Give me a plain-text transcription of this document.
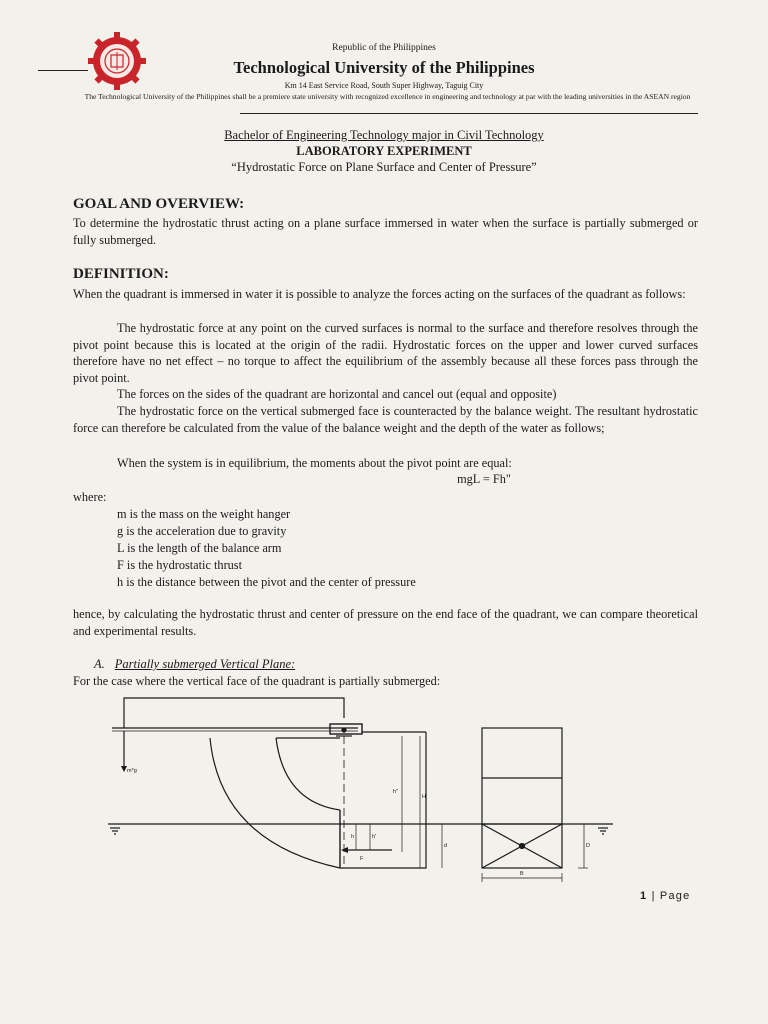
Republic of the Philippines
Technological University of the Philippines
Km 14 East Service Road, South Super Highway, Taguig City
The Technological University of the Philippines shall be a premiere state university with recognized excellence in engineering and technology at par with the leading universities in the ASEAN region
Bachelor of Engineering Technology major in Civil Technology
LABORATORY EXPERIMENT
“Hydrostatic Force on Plane Surface and Center of Pressure”
GOAL AND OVERVIEW:
To determine the hydrostatic thrust acting on a plane surface immersed in water when the surface is partially submerged or fully submerged.
DEFINITION:
When the quadrant is immersed in water it is possible to analyze the forces acting on the surfaces of the quadrant as follows:
The hydrostatic force at any point on the curved surfaces is normal to the surface and therefore resolves through the pivot point because this is located at the origin of the radii. Hydrostatic forces on the upper and lower curved surfaces therefore have no net effect – no torque to affect the equilibrium of the assembly because all these forces pass through the pivot point.
The forces on the sides of the quadrant are horizontal and cancel out (equal and opposite)
The hydrostatic force on the vertical submerged face is counteracted by the balance weight. The resultant hydrostatic force can therefore be calculated from the value of the balance weight and the depth of the water as follows;
When the system is in equilibrium, the moments about the pivot point are equal:
mgL = Fh"
where:
m is the mass on the weight hanger
g is the acceleration due to gravity
L is the length of the balance arm
F is the hydrostatic thrust
h is the distance between the pivot and the center of pressure
hence, by calculating the hydrostatic thrust and center of pressure on the end face of the quadrant, we can compare theoretical and experimental results.
A. Partially submerged Vertical Plane:
For the case where the vertical face of the quadrant is partially submerged:
m*g
h"
H
d
h	h'
F
B
D
1 | Page
